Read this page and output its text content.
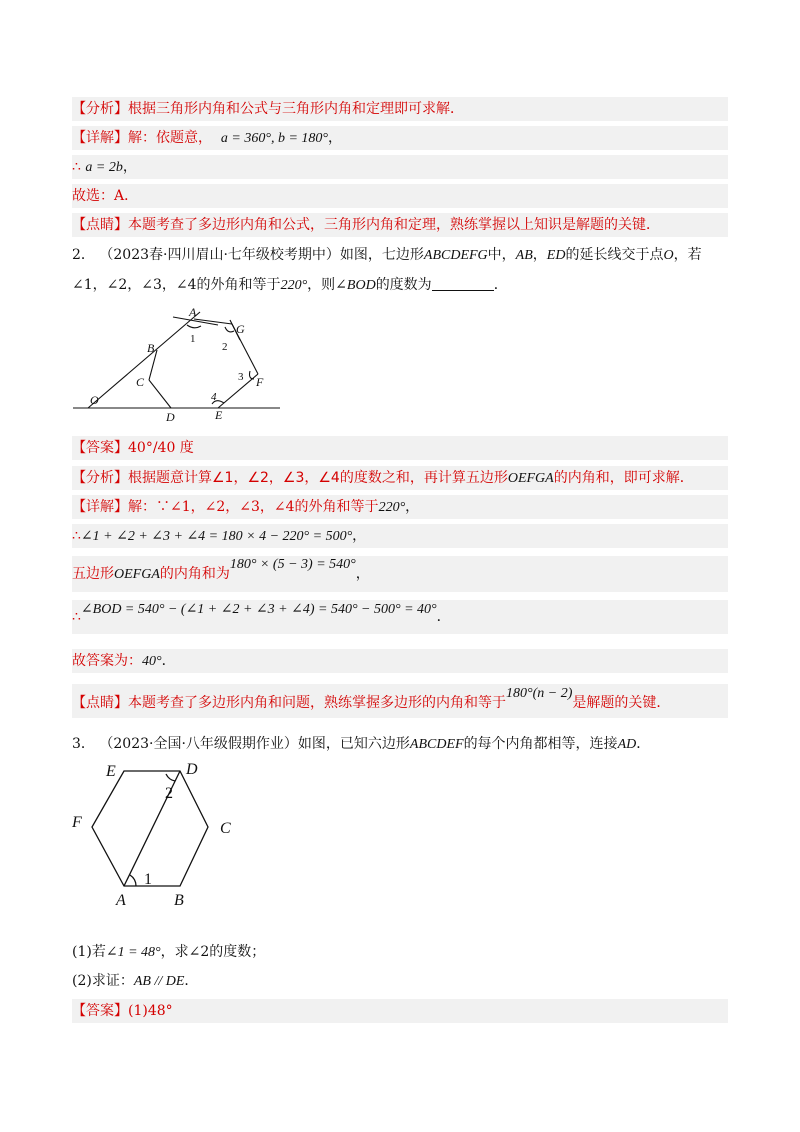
【分析】根据三角形内角和公式与三角形内角和定理即可求解．
【详解】解：依题意， a = 360°, b = 180°，
∴ a = 2b，
故选：A．
【点睛】本题考查了多边形内角和公式，三角形内角和定理，熟练掌握以上知识是解题的关键．
2． （2023春·四川眉山·七年级校考期中）如图，七边形ABCDEFG中，AB，ED的延长线交于点O，若
∠1，∠2，∠3，∠4的外角和等于220°，则∠BOD的度数为	．
A
G
B
C	F
O
D	E
1
2
3
4
【答案】40°/40 度
【分析】根据题意计算∠1，∠2，∠3，∠4的度数之和，再计算五边形OEFGA的内角和，即可求解．
【详解】解：∵∠1，∠2，∠3，∠4的外角和等于220°，
∴∠1 + ∠2 + ∠3 + ∠4 = 180 × 4 − 220° = 500°，
五边形OEFGA的内角和为180° × (5 − 3) = 540°，
∴∠BOD = 540° − (∠1 + ∠2 + ∠3 + ∠4) = 540° − 500° = 40°．
故答案为：40°．
【点睛】本题考查了多边形内角和问题，熟练掌握多边形的内角和等于180°(n − 2)是解题的关键．
3． （2023·全国·八年级假期作业）如图，已知六边形ABCDEF的每个内角都相等，连接AD．
E	D
F	C
A	B
2
1
(1)若∠1 = 48°，求∠2的度数；
(2)求证：AB // DE．
【答案】(1)48°
